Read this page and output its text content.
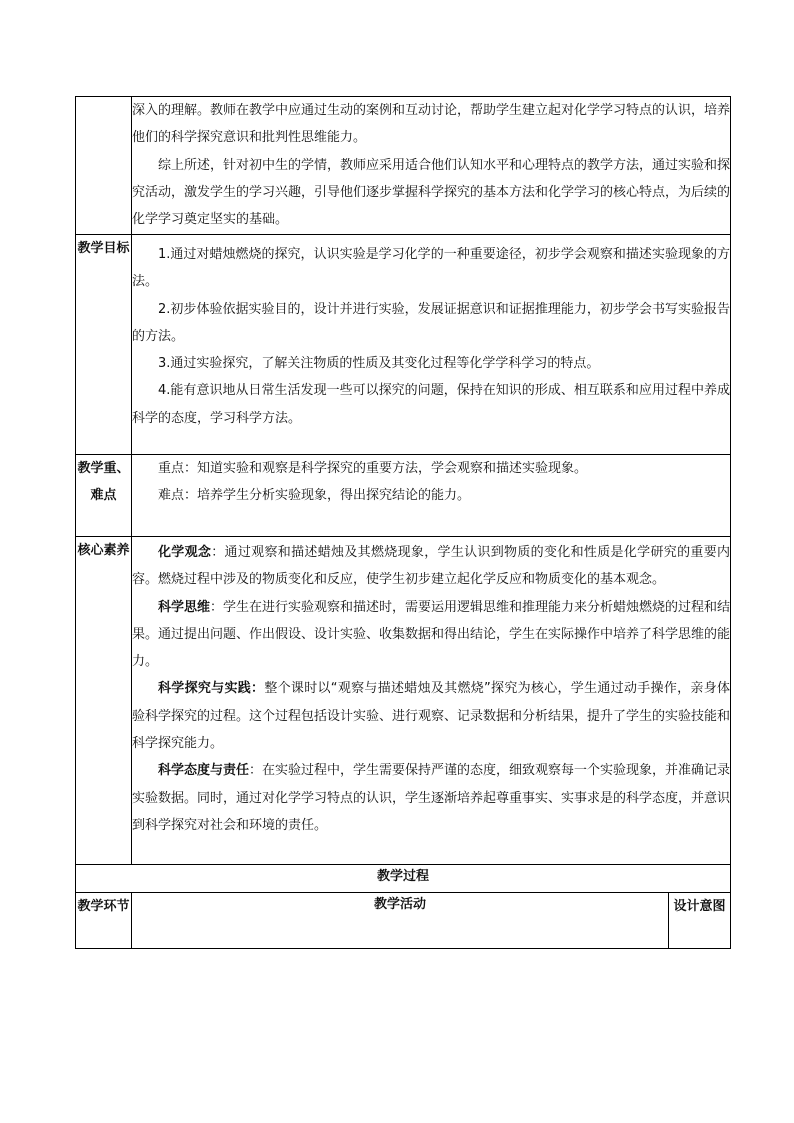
	深入的理解。教师在教学中应通过生动的案例和互动讨论，帮助学生建立起对化学学习特点的认识，培养他们的科学探究意识和批判性思维能力。

综上所述，针对初中生的学情，教师应采用适合他们认知水平和心理特点的教学方法，通过实验和探究活动，激发学生的学习兴趣，引导他们逐步掌握科学探究的基本方法和化学学习的核心特点，为后续的化学学习奠定坚实的基础。	

教学目标	1.通过对蜡烛燃烧的探究，认识实验是学习化学的一种重要途径，初步学会观察和描述实验现象的方法。

2.初步体验依据实验目的，设计并进行实验，发展证据意识和证据推理能力，初步学会书写实验报告的方法。

3.通过实验探究，了解关注物质的性质及其变化过程等化学学科学习的特点。

4.能有意识地从日常生活发现一些可以探究的问题，保持在知识的形成、相互联系和应用过程中养成科学的态度，学习科学方法。	

教学重、难点	重点：知道实验和观察是科学探究的重要方法，学会观察和描述实验现象。

难点：培养学生分析实验现象，得出探究结论的能力。	

核心素养	化学观念：通过观察和描述蜡烛及其燃烧现象，学生认识到物质的变化和性质是化学研究的重要内容。燃烧过程中涉及的物质变化和反应，使学生初步建立起化学反应和物质变化的基本观念。

科学思维：学生在进行实验观察和描述时，需要运用逻辑思维和推理能力来分析蜡烛燃烧的过程和结果。通过提出问题、作出假设、设计实验、收集数据和得出结论，学生在实际操作中培养了科学思维的能力。

科学探究与实践：整个课时以“观察与描述蜡烛及其燃烧”探究为核心，学生通过动手操作，亲身体验科学探究的过程。这个过程包括设计实验、进行观察、记录数据和分析结果，提升了学生的实验技能和科学探究能力。

科学态度与责任：在实验过程中，学生需要保持严谨的态度，细致观察每一个实验现象，并准确记录实验数据。同时，通过对化学学习特点的认识，学生逐渐培养起尊重事实、实事求是的科学态度，并意识到科学探究对社会和环境的责任。	

教学过程		
教学环节	教学活动	设计意图
